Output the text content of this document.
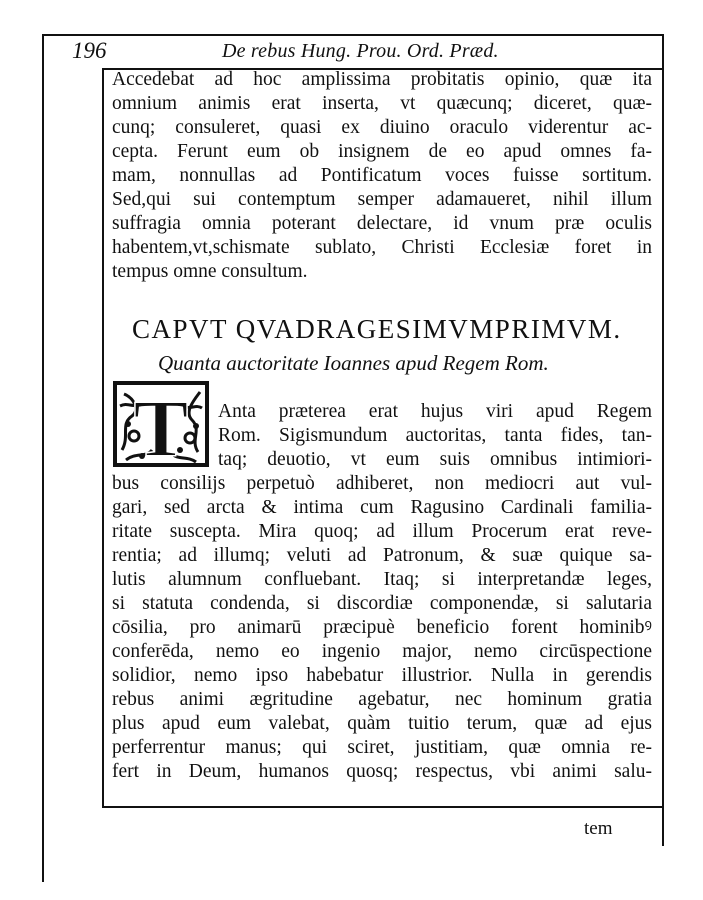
196	De rebus Hung. Prou. Ord. Præd.
Accedebat ad hoc amplissima probitatis opinio, quæ ita
omnium animis erat inserta, vt quæcunq; diceret, quæ-
cunq; consuleret, quasi ex diuino oraculo viderentur ac-
cepta. Ferunt eum ob insignem de eo apud omnes fa-
mam, nonnullas ad Pontificatum voces fuisse sortitum.
Sed,qui sui contemptum semper adamaueret, nihil illum
suffragia omnia poterant delectare, id vnum præ oculis
habentem,vt,schismate sublato, Christi Ecclesiæ foret in
tempus omne consultum.
CAPVT QVADRAGESIMVMPRIMVM.
Quanta auctoritate Ioannes apud Regem Rom.
T Anta præterea erat hujus viri apud Regem
Rom. Sigismundum auctoritas, tanta fides, tan-
taq; deuotio, vt eum suis omnibus intimiori-
bus consilijs perpetuò adhiberet, non mediocri aut vul-
gari, sed arcta & intima cum Ragusino Cardinali familia-
ritate suscepta. Mira quoq; ad illum Procerum erat reve-
rentia; ad illumq; veluti ad Patronum, & suæ quique sa-
lutis alumnum confluebant. Itaq; si interpretandæ leges,
si statuta condenda, si discordiæ componendæ, si salutaria
cōsilia, pro animarū præcipuè beneficio forent hominibꝰ
conferēda, nemo eo ingenio major, nemo circūspectione
solidior, nemo ipso habebatur illustrior. Nulla in gerendis
rebus animi ægritudine agebatur, nec hominum gratia
plus apud eum valebat, quàm tuitio terum, quæ ad ejus
perferrentur manus; qui sciret, justitiam, quæ omnia re-
fert in Deum, humanos quosq; respectus, vbi animi salu-
tem
